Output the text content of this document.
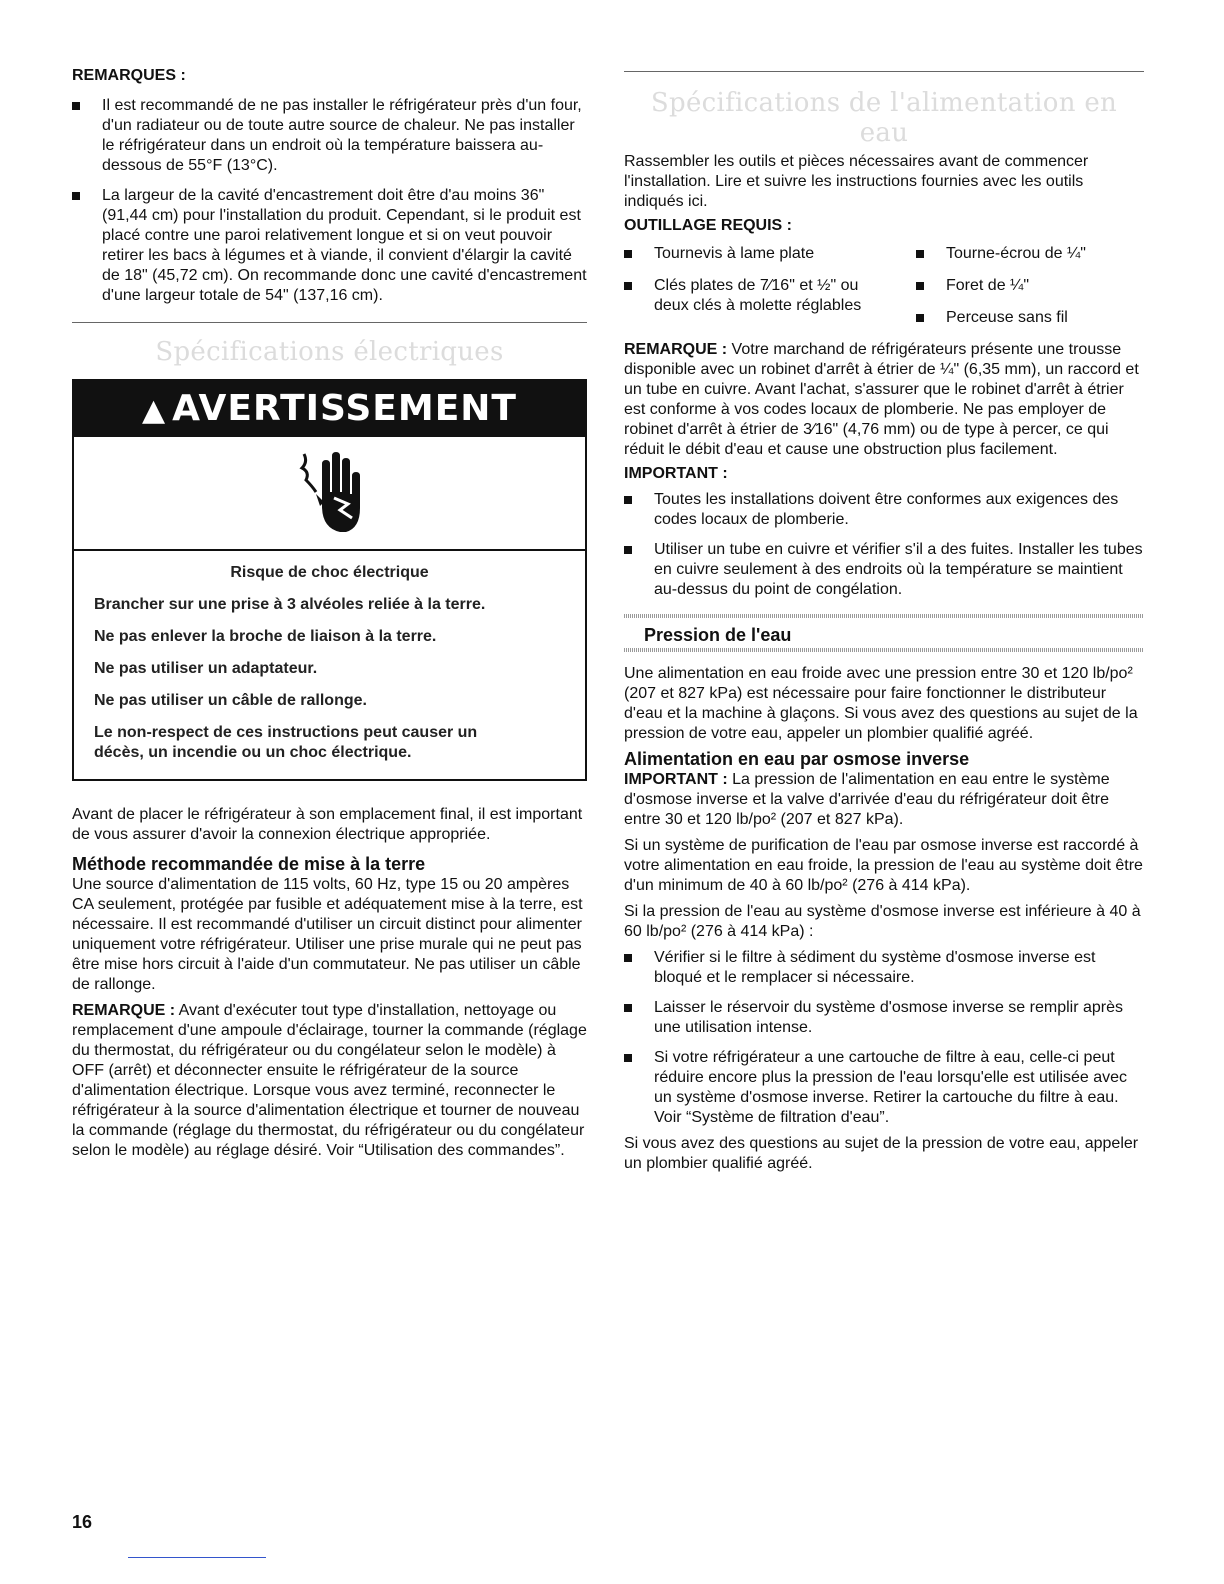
REMARQUES :

Il est recommandé de ne pas installer le réfrigérateur près d'un four, d'un radiateur ou de toute autre source de chaleur. Ne pas installer le réfrigérateur dans un endroit où la température baissera au-dessous de 55°F (13°C).
La largeur de la cavité d'encastrement doit être d'au moins 36" (91,44 cm) pour l'installation du produit. Cependant, si le produit est placé contre une paroi relativement longue et si on veut pouvoir retirer les bacs à légumes et à viande, il convient d'élargir la cavité de 18" (45,72 cm). On recommande donc une cavité d'encastrement d'une largeur totale de 54" (137,16 cm).
Spécifications électriques
▲ AVERTISSEMENT

Risque de choc électrique

Brancher sur une prise à 3 alvéoles reliée à la terre.

Ne pas enlever la broche de liaison à la terre.

Ne pas utiliser un adaptateur.

Ne pas utiliser un câble de rallonge.

Le non-respect de ces instructions peut causer un décès, un incendie ou un choc électrique.

Avant de placer le réfrigérateur à son emplacement final, il est important de vous assurer d'avoir la connexion électrique appropriée.

Méthode recommandée de mise à la terre

Une source d'alimentation de 115 volts, 60 Hz, type 15 ou 20 ampères CA seulement, protégée par fusible et adéquatement mise à la terre, est nécessaire. Il est recommandé d'utiliser un circuit distinct pour alimenter uniquement votre réfrigérateur. Utiliser une prise murale qui ne peut pas être mise hors circuit à l'aide d'un commutateur. Ne pas utiliser un câble de rallonge.

REMARQUE : Avant d'exécuter tout type d'installation, nettoyage ou remplacement d'une ampoule d'éclairage, tourner la commande (réglage du thermostat, du réfrigérateur ou du congélateur selon le modèle) à OFF (arrêt) et déconnecter ensuite le réfrigérateur de la source d'alimentation électrique. Lorsque vous avez terminé, reconnecter le réfrigérateur à la source d'alimentation électrique et tourner de nouveau la commande (réglage du thermostat, du réfrigérateur ou du congélateur selon le modèle) au réglage désiré. Voir “Utilisation des commandes”.

Spécifications de l'alimentation en eau

Rassembler les outils et pièces nécessaires avant de commencer l'installation. Lire et suivre les instructions fournies avec les outils indiqués ici.

OUTILLAGE REQUIS :

Tournevis à lame plate
Clés plates de 7⁄16" et ½" ou deux clés à molette réglables
Tourne-écrou de ¼"
Foret de ¼"
Perceuse sans fil

REMARQUE : Votre marchand de réfrigérateurs présente une trousse disponible avec un robinet d'arrêt à étrier de ¼" (6,35 mm), un raccord et un tube en cuivre. Avant l'achat, s'assurer que le robinet d'arrêt à étrier est conforme à vos codes locaux de plomberie. Ne pas employer de robinet d'arrêt à étrier de 3⁄16" (4,76 mm) ou de type à percer, ce qui réduit le débit d'eau et cause une obstruction plus facilement.

IMPORTANT :

Toutes les installations doivent être conformes aux exigences des codes locaux de plomberie.
Utiliser un tube en cuivre et vérifier s'il a des fuites. Installer les tubes en cuivre seulement à des endroits où la température se maintient au-dessus du point de congélation.
Pression de l'eau

Une alimentation en eau froide avec une pression entre 30 et 120 lb/po² (207 et 827 kPa) est nécessaire pour faire fonctionner le distributeur d'eau et la machine à glaçons. Si vous avez des questions au sujet de la pression de votre eau, appeler un plombier qualifié agréé.

Alimentation en eau par osmose inverse

IMPORTANT : La pression de l'alimentation en eau entre le système d'osmose inverse et la valve d'arrivée d'eau du réfrigérateur doit être entre 30 et 120 lb/po² (207 et 827 kPa).

Si un système de purification de l'eau par osmose inverse est raccordé à votre alimentation en eau froide, la pression de l'eau au système doit être d'un minimum de 40 à 60 lb/po² (276 à 414 kPa).

Si la pression de l'eau au système d'osmose inverse est inférieure à 40 à 60 lb/po² (276 à 414 kPa) :

Vérifier si le filtre à sédiment du système d'osmose inverse est bloqué et le remplacer si nécessaire.
Laisser le réservoir du système d'osmose inverse se remplir après une utilisation intense.
Si votre réfrigérateur a une cartouche de filtre à eau, celle-ci peut réduire encore plus la pression de l'eau lorsqu'elle est utilisée avec un système d'osmose inverse. Retirer la cartouche du filtre à eau. Voir “Système de filtration d'eau”.

Si vous avez des questions au sujet de la pression de votre eau, appeler un plombier qualifié agréé.

16
